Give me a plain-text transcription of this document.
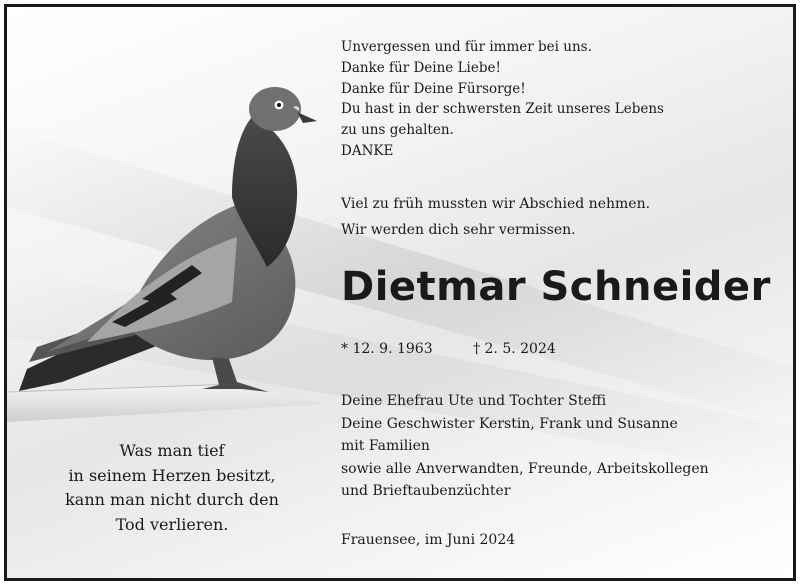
Unvergessen und für immer bei uns.
Danke für Deine Liebe!
Danke für Deine Fürsorge!
Du hast in der schwersten Zeit unseres Lebens
zu uns gehalten.
DANKE
Viel zu früh mussten wir Abschied nehmen.
Wir werden dich sehr vermissen.
Dietmar Schneider
* 12. 9. 1963	† 2. 5. 2024
Deine Ehefrau Ute und Tochter Steffi
Deine Geschwister Kerstin, Frank und Susanne
mit Familien
sowie alle Anverwandten, Freunde, Arbeitskollegen
und Brieftaubenzüchter
Frauensee, im Juni 2024
Was man tief
in seinem Herzen besitzt,
kann man nicht durch den
Tod verlieren.
